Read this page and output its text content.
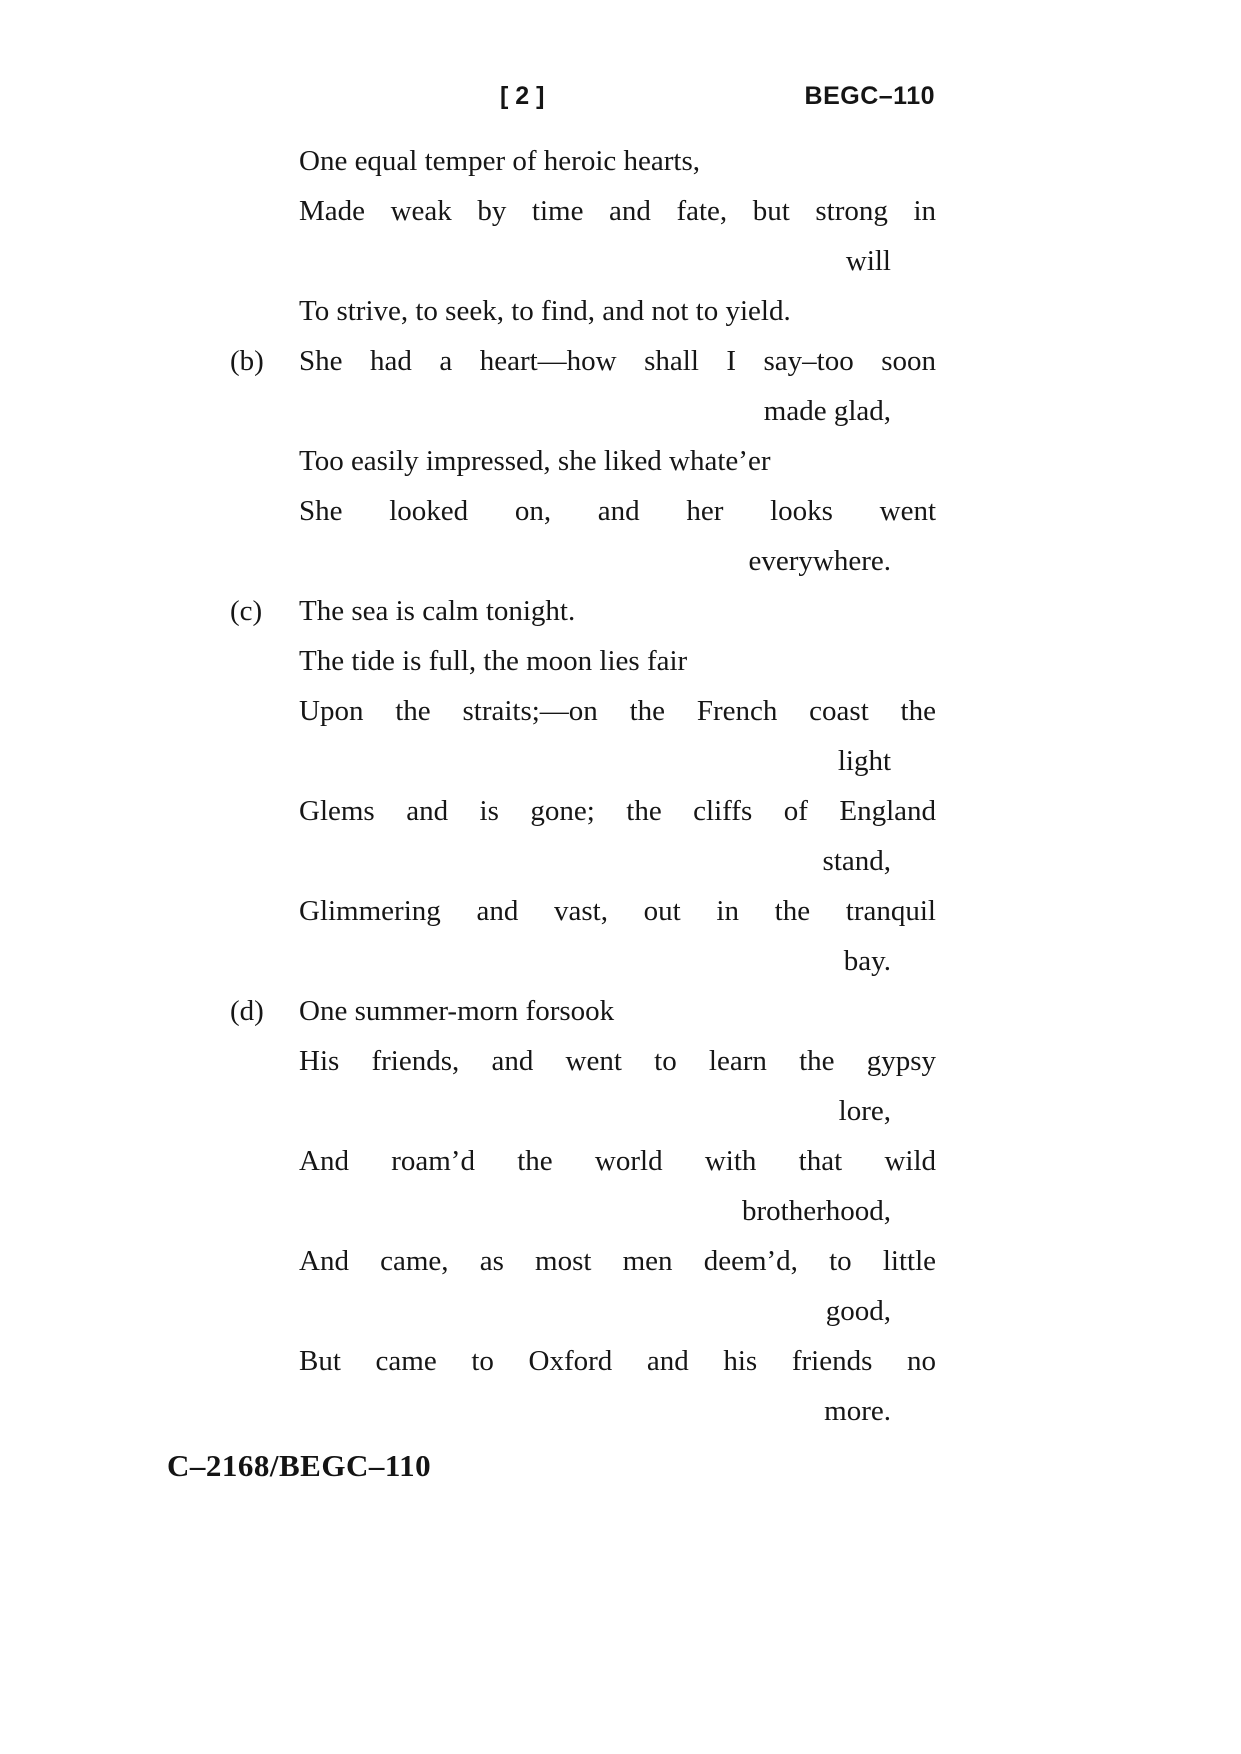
[ 2 ]	BEGC–110
One equal temper of heroic hearts,
Made weak by time and fate, but strong in
will
To strive, to seek, to find, and not to yield.
(b)	She had a heart—how shall I say–too soon
made glad,
Too easily impressed, she liked whate’er
She looked on, and her looks went
everywhere.
(c)	The sea is calm tonight.
The tide is full, the moon lies fair
Upon the straits;—on the French coast the
light
Glems and is gone; the cliffs of England
stand,
Glimmering and vast, out in the tranquil
bay.
(d)	One summer-morn forsook
His friends, and went to learn the gypsy
lore,
And roam’d the world with that wild
brotherhood,
And came, as most men deem’d, to little
good,
But came to Oxford and his friends no
more.
C–2168/BEGC–110
